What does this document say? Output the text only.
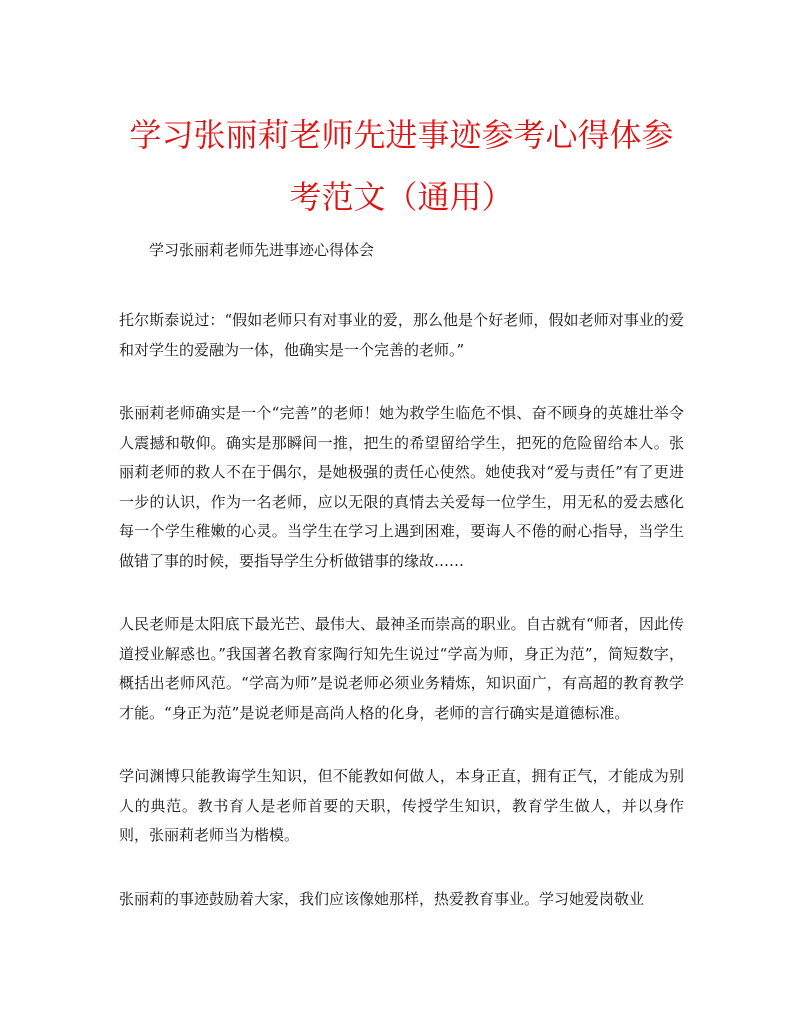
学习张丽莉老师先进事迹参考心得体参考范文（通用）
学习张丽莉老师先进事迹心得体会

托尔斯泰说过：“假如老师只有对事业的爱，那么他是个好老师，假如老师对事业的爱和对学生的爱融为一体，他确实是一个完善的老师。”

张丽莉老师确实是一个“完善”的老师！她为救学生临危不惧、奋不顾身的英雄壮举令人震撼和敬仰。确实是那瞬间一推，把生的希望留给学生，把死的危险留给本人。张丽莉老师的救人不在于偶尔，是她极强的责任心使然。她使我对“爱与责任”有了更进一步的认识，作为一名老师，应以无限的真情去关爱每一位学生，用无私的爱去感化每一个学生稚嫩的心灵。当学生在学习上遇到困难，要诲人不倦的耐心指导，当学生做错了事的时候，要指导学生分析做错事的缘故……

人民老师是太阳底下最光芒、最伟大、最神圣而崇高的职业。自古就有“师者，因此传道授业解惑也。”我国著名教育家陶行知先生说过“学高为师，身正为范”，简短数字，概括出老师风范。“学高为师”是说老师必须业务精炼，知识面广，有高超的教育教学才能。“身正为范”是说老师是高尚人格的化身，老师的言行确实是道德标准。

学问渊博只能教诲学生知识，但不能教如何做人，本身正直，拥有正气，才能成为别人的典范。教书育人是老师首要的天职，传授学生知识，教育学生做人，并以身作则，张丽莉老师当为楷模。

张丽莉的事迹鼓励着大家，我们应该像她那样，热爱教育事业。学习她爱岗敬业
